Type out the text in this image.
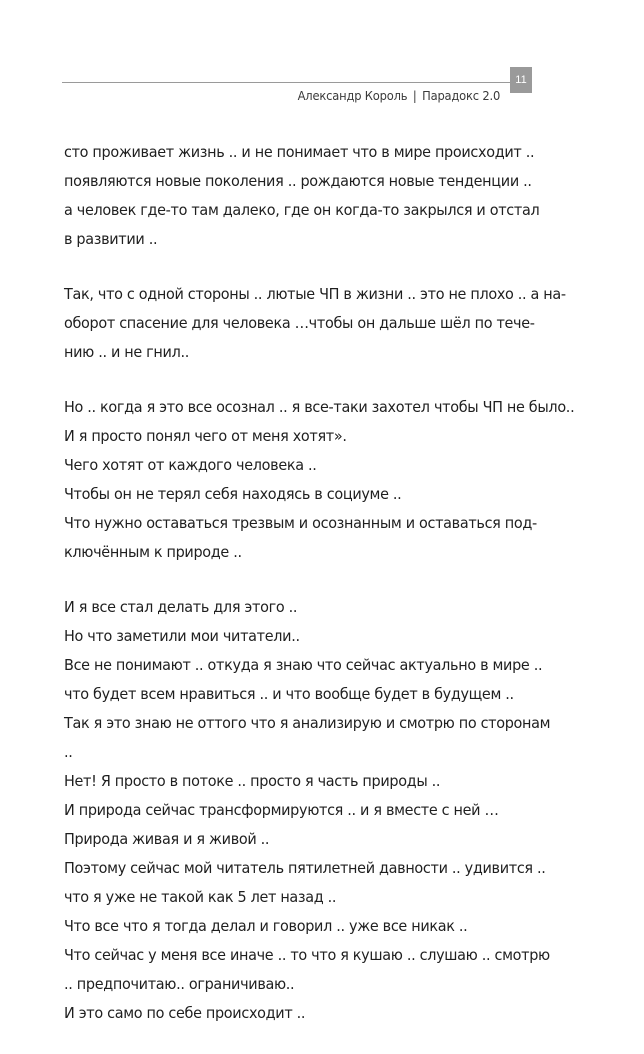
11
Александр Король | Парадокс 2.0
сто проживает жизнь .. и не понимает что в мире происходит ..
появляются новые поколения .. рождаются новые тенденции ..
а человек где-то там далеко, где он когда-то закрылся и отстал
в развитии ..
Так, что с одной стороны .. лютые ЧП в жизни .. это не плохо .. а на-
оборот спасение для человека …чтобы он дальше шёл по тече-
нию .. и не гнил..
Но .. когда я это все осознал .. я все-таки захотел чтобы ЧП не было..
И я просто понял чего от меня хотят».
Чего хотят от каждого человека ..
Чтобы он не терял себя находясь в социуме ..
Что нужно оставаться трезвым и осознанным и оставаться под-
ключённым к природе ..
И я все стал делать для этого ..
Но что заметили мои читатели..
Все не понимают .. откуда я знаю что сейчас актуально в мире ..
что будет всем нравиться .. и что вообще будет в будущем ..
Так я это знаю не оттого что я анализирую и смотрю по сторонам
..
Нет! Я просто в потоке .. просто я часть природы ..
И природа сейчас трансформируются .. и я вместе с ней …
Природа живая и я живой ..
Поэтому сейчас мой читатель пятилетней давности .. удивится ..
что я уже не такой как 5 лет назад ..
Что все что я тогда делал и говорил .. уже все никак ..
Что сейчас у меня все иначе .. то что я кушаю .. слушаю .. смотрю
.. предпочитаю.. ограничиваю..
И это само по себе происходит ..
